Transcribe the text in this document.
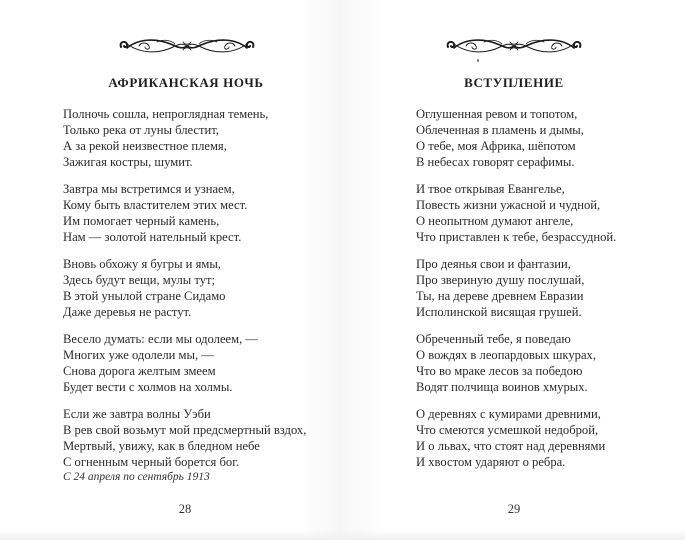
АФРИКАНСКАЯ НОЧЬ
Полночь сошла, непроглядная темень,
Только река от луны блестит,
А за рекой неизвестное племя,
Зажигая костры, шумит.
Завтра мы встретимся и узнаем,
Кому быть властителем этих мест.
Им помогает черный камень,
Нам — золотой нательный крест.
Вновь обхожу я бугры и ямы,
Здесь будут вещи, мулы тут;
В этой унылой стране Сидамо
Даже деревья не растут.
Весело думать: если мы одолеем, —
Многих уже одолели мы, —
Снова дорога желтым змеем
Будет вести с холмов на холмы.
Если же завтра волны Уэби
В рев свой возьмут мой предсмертный вздох,
Мертвый, увижу, как в бледном небе
С огненным черный борется бог.
С 24 апреля по сентябрь 1913
28
ВСТУПЛЕНИЕ
Оглушенная ревом и топотом,
Облеченная в пламень и дымы,
О тебе, моя Африка, шёпотом
В небесах говорят серафимы.
И твое открывая Евангелье,
Повесть жизни ужасной и чудной,
О неопытном думают ангеле,
Что приставлен к тебе, безрассудной.
Про деянья свои и фантазии,
Про звериную душу послушай,
Ты, на дереве древнем Евразии
Исполинской висящая грушей.
Обреченный тебе, я поведаю
О вождях в леопардовых шкурах,
Что во мраке лесов за победою
Водят полчища воинов хмурых.
О деревнях с кумирами древними,
Что смеются усмешкой недоброй,
И о львах, что стоят над деревнями
И хвостом ударяют о ребра.
29
